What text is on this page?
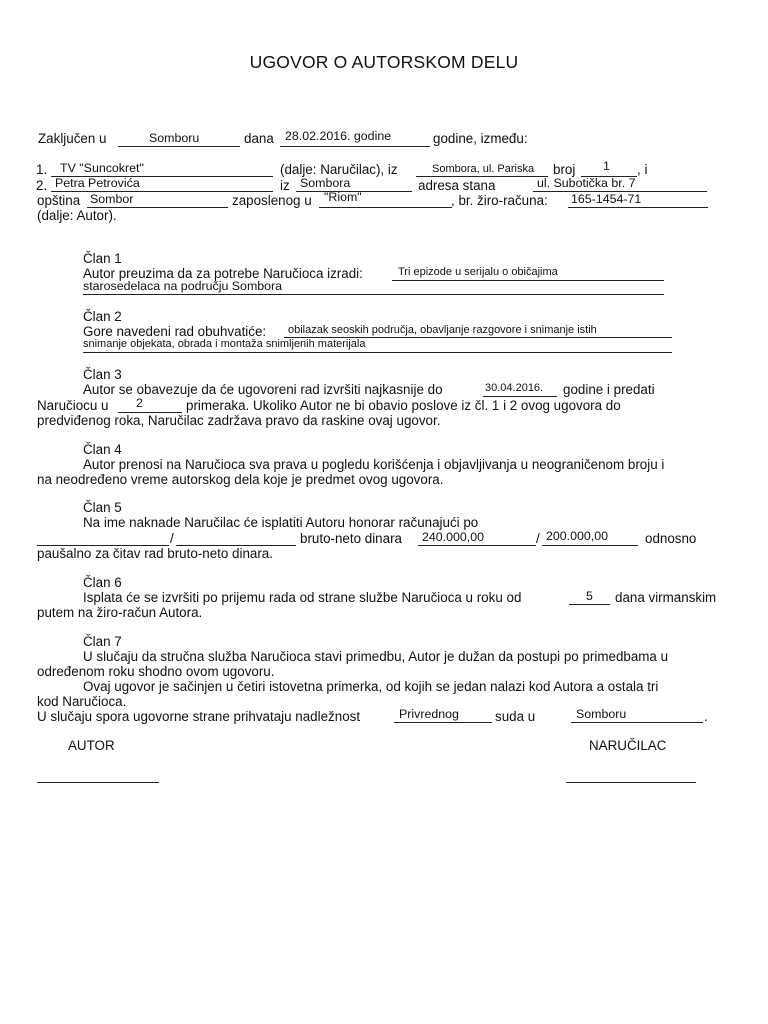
UGOVOR O AUTORSKOM DELU
Zaključen u	Somboru	dana 28.02.2016. godine	godine, između:
1. TV "Suncokret"	(dalje: Naručilac), iz	Sombora, ul. Pariska broj 1 , i
2. Petra Petrovića	iz Sombora	adresa stana	ul. Subotička br. 7
opština Sombor	zaposlenog u "Riom"	, br. žiro-računa: 165-1454-71
(dalje: Autor).
Član 1
Autor preuzima da za potrebe Naručioca izradi:	Tri epizode u serijalu o običajima
starosedelaca na području Sombora
Član 2
Gore navedeni rad obuhvatiće: obilazak seoskih područja, obavljanje razgovore i snimanje istih
snimanje objekata, obrada i montaža snimljenih materijala
Član 3
Autor se obavezuje da će ugovoreni rad izvršiti najkasnije do	30.04.2016. godine i predati
Naručiocu u 2	primeraka. Ukoliko Autor ne bi obavio poslove iz čl. 1 i 2 ovog ugovora do
predviđenog roka, Naručilac zadržava pravo da raskine ovaj ugovor.
Član 4
Autor prenosi na Naručioca sva prava u pogledu korišćenja i objavljivanja u neograničenom broju i
na neodređeno vreme autorskog dela koje je predmet ovog ugovora.
Član 5
Na ime naknade Naručilac će isplatiti Autoru honorar računajući po
/	bruto-neto dinara 240.000,00	/ 200.000,00	odnosno
paušalno za čitav rad bruto-neto dinara.
Član 6
Isplata će se izvršiti po prijemu rada od strane službe Naručioca u roku od	5 dana virmanskim
putem na žiro-račun Autora.
Član 7
U slučaju da stručna služba Naručioca stavi primedbu, Autor je dužan da postupi po primedbama u
određenom roku shodno ovom ugovoru.
Ovaj ugovor je sačinjen u četiri istovetna primerka, od kojih se jedan nalazi kod Autora a ostala tri
kod Naručioca.
U slučaju spora ugovorne strane prihvataju nadležnost	Privrednog	suda u	Somboru	.
AUTOR	NARUČILAC
